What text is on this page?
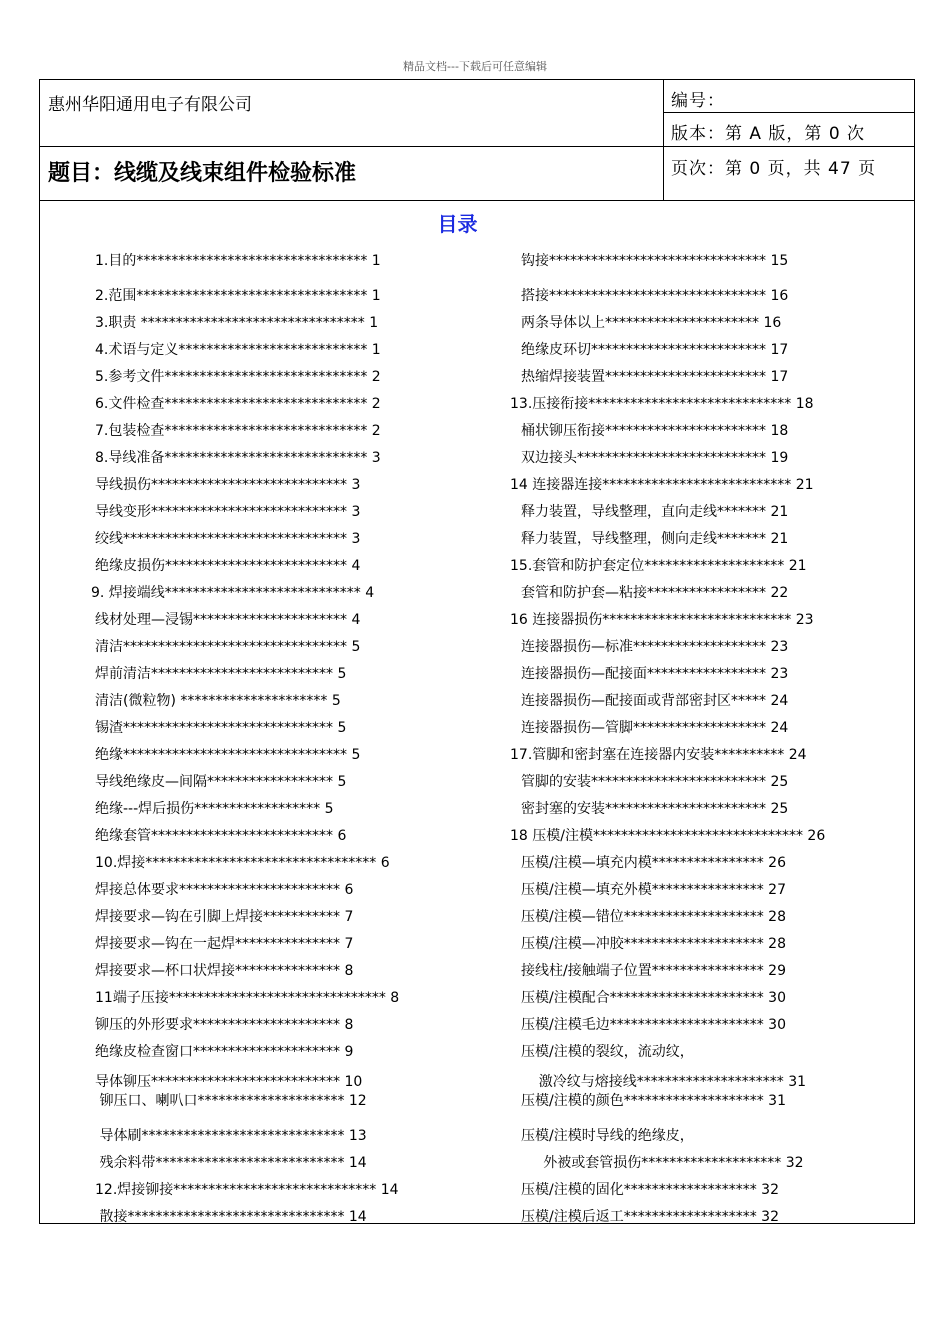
精品文档---下载后可任意编辑
惠州华阳通用电子有限公司
题目：线缆及线束组件检验标准
编号：
版本：第 A 版，第 0 次
页次：第 0 页，共 47 页
目录
1.目的********************************* 1
2.范围********************************* 1
3.职责 ******************************** 1
4.术语与定义*************************** 1
5.参考文件***************************** 2
6.文件检查***************************** 2
7.包装检查***************************** 2
8.导线准备***************************** 3
导线损伤**************************** 3
导线变形**************************** 3
绞线******************************** 3
绝缘皮损伤************************** 4
9. 焊接端线**************************** 4
线材处理—浸锡********************** 4
清洁******************************** 5
焊前清洁************************** 5
清洁(微粒物) ********************* 5
锡渣****************************** 5
绝缘******************************** 5
导线绝缘皮—间隔****************** 5
绝缘---焊后损伤****************** 5
绝缘套管************************** 6
10.焊接********************************* 6
焊接总体要求*********************** 6
焊接要求—钩在引脚上焊接*********** 7
焊接要求—钩在一起焊*************** 7
焊接要求—杯口状焊接*************** 8
11端子压接******************************* 8
铆压的外形要求********************* 8
绝缘皮检查窗口********************* 9
导体铆压*************************** 10
铆压口、喇叭口********************* 12
导体刷***************************** 13
残余料带*************************** 14
12.焊接铆接***************************** 14
散接******************************* 14
钩接******************************* 15
搭接******************************* 16
两条导体以上********************** 16
绝缘皮环切************************* 17
热缩焊接装置*********************** 17
13.压接衔接***************************** 18
桶状铆压衔接*********************** 18
双边接头*************************** 19
14 连接器连接*************************** 21
释力装置，导线整理，直向走线******* 21
释力装置，导线整理，侧向走线******* 21
15.套管和防护套定位******************** 21
套管和防护套—粘接***************** 22
16 连接器损伤*************************** 23
连接器损伤—标准******************* 23
连接器损伤—配接面***************** 23
连接器损伤—配接面或背部密封区***** 24
连接器损伤—管脚******************* 24
17.管脚和密封塞在连接器内安装********** 24
管脚的安装************************* 25
密封塞的安装*********************** 25
18 压模/注模****************************** 26
压模/注模—填充内模**************** 26
压模/注模—填充外模**************** 27
压模/注模—错位******************** 28
压模/注模—冲胶******************** 28
接线柱/接触端子位置**************** 29
压模/注模配合********************** 30
压模/注模毛边********************** 30
压模/注模的裂纹，流动纹，
激冷纹与熔接线********************* 31
压模/注模的颜色******************** 31
压模/注模时导线的绝缘皮，
外被或套管损伤******************** 32
压模/注模的固化******************* 32
压模/注模后返工******************* 32
